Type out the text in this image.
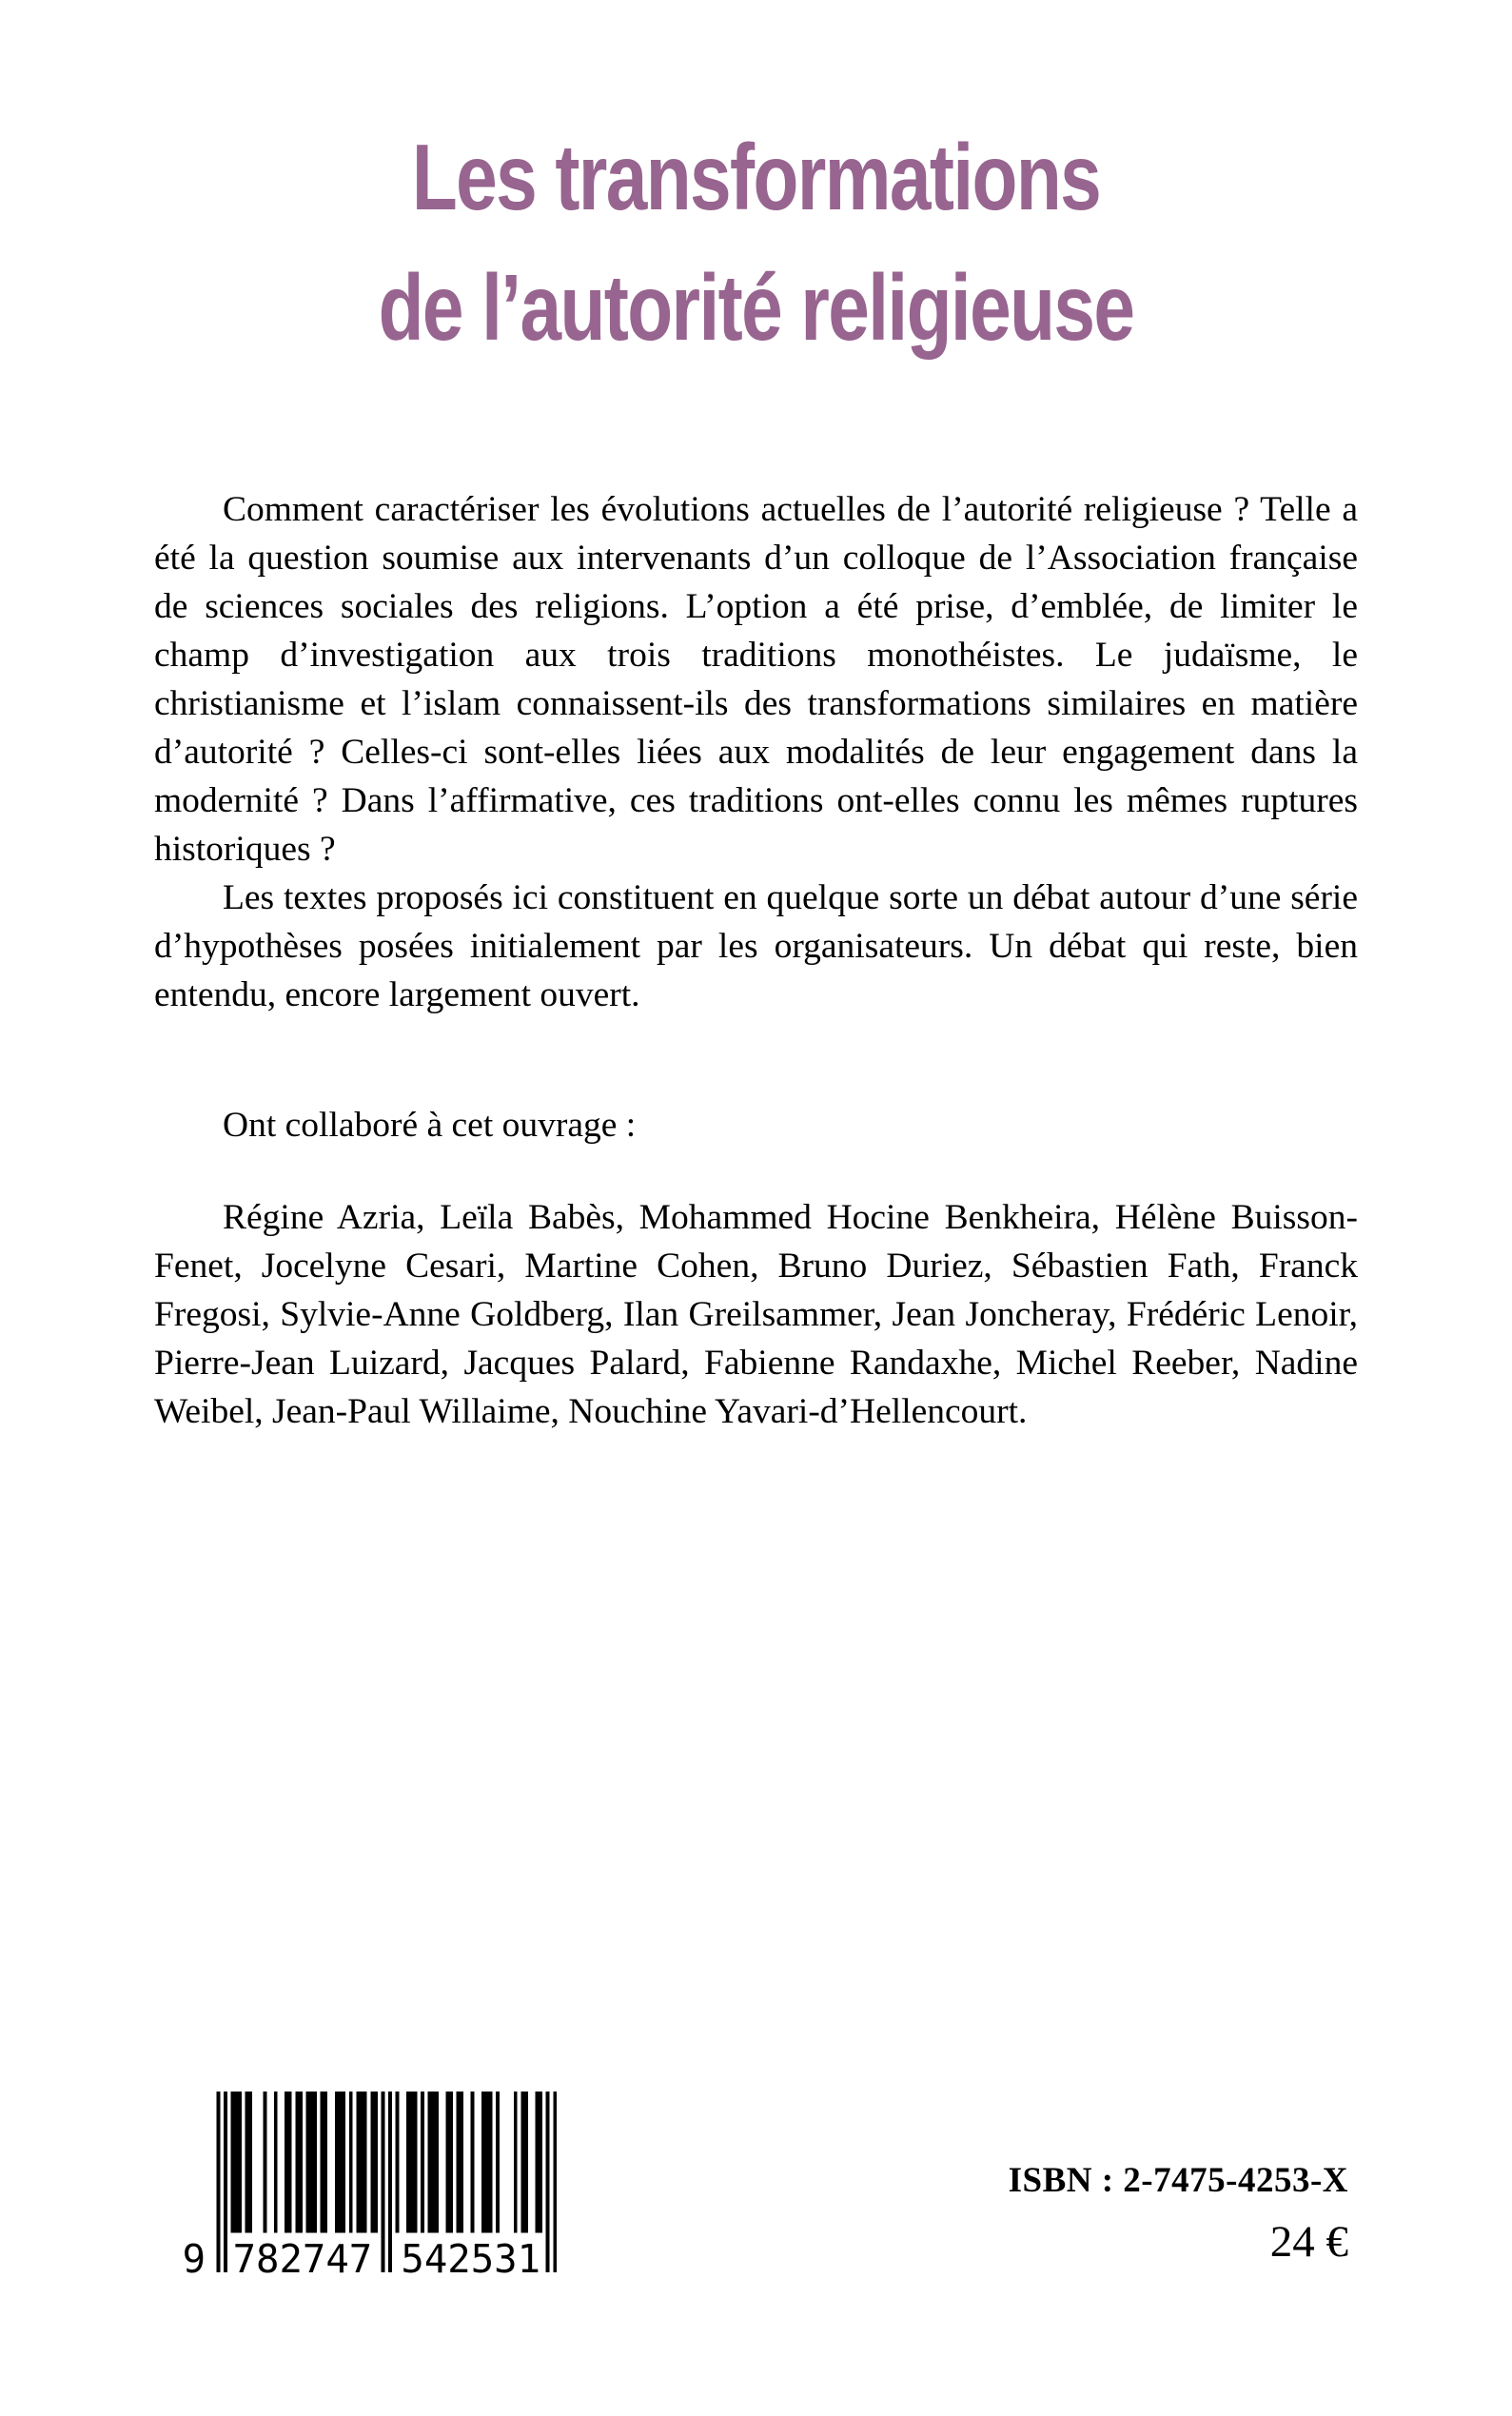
Les transformations
de l’autorité religieuse

Comment caractériser les évolutions actuelles de l’autorité religieuse ? Telle a été la question soumise aux intervenants d’un colloque de l’Association française de sciences sociales des religions. L’option a été prise, d’emblée, de limiter le champ d’investigation aux trois traditions monothéistes. Le judaïsme, le christianisme et l’islam connaissent-ils des transformations similaires en matière d’autorité ? Celles-ci sont-elles liées aux modalités de leur engagement dans la modernité ? Dans l’affirmative, ces traditions ont-elles connu les mêmes ruptures historiques ?

Les textes proposés ici constituent en quelque sorte un débat autour d’une série d’hypothèses posées initialement par les organisateurs. Un débat qui reste, bien entendu, encore largement ouvert.

Ont collaboré à cet ouvrage :

Régine Azria, Leïla Babès, Mohammed Hocine Benkheira, Hélène Buisson-Fenet, Jocelyne Cesari, Martine Cohen, Bruno Duriez, Sébastien Fath, Franck Fregosi, Sylvie-Anne Goldberg, Ilan Greilsammer, Jean Joncheray, Frédéric Lenoir, Pierre-Jean Luizard, Jacques Palard, Fabienne Randaxhe, Michel Reeber, Nadine Weibel, Jean-Paul Willaime, Nouchine Yavari-d’Hellencourt.

9 782747 542531
ISBN : 2-7475-4253-X
24 €
